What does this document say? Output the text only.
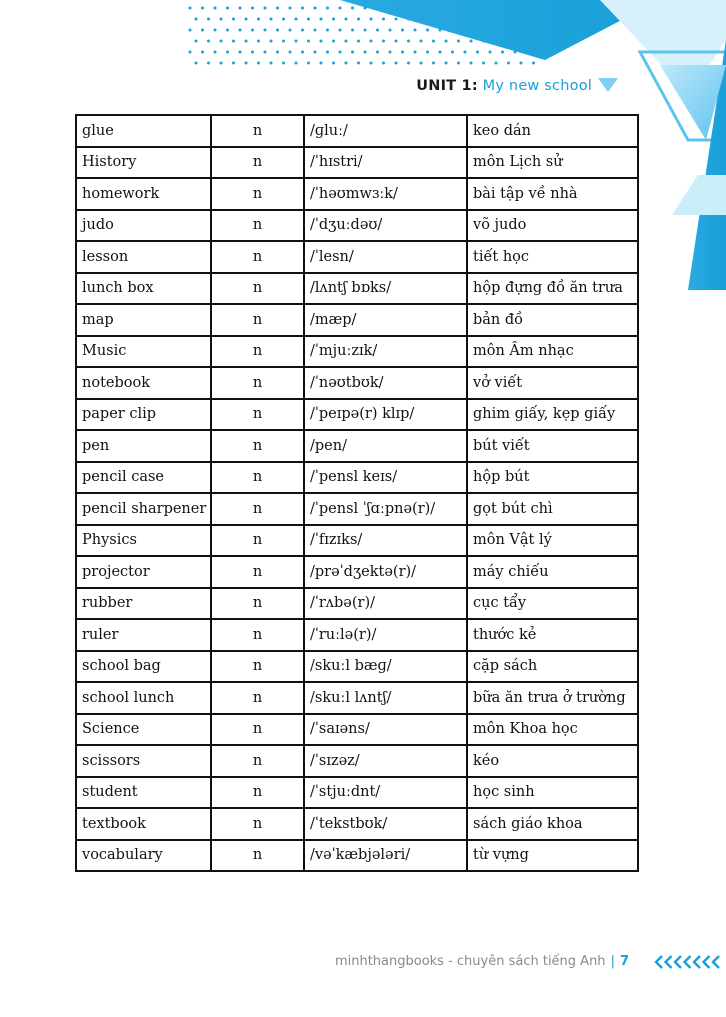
UNIT 1: My new school
glue	n	/ɡluː/	keo dán
History	n	/ˈhɪstri/	môn Lịch sử
homework	n	/ˈhəʊmwɜːk/	bài tập về nhà
judo	n	/ˈdʒuːdəʊ/	võ judo
lesson	n	/ˈlesn/	tiết học
lunch box	n	/lʌntʃ bɒks/	hộp đựng đồ ăn trưa
map	n	/mæp/	bản đồ
Music	n	/ˈmjuːzɪk/	môn Âm nhạc
notebook	n	/ˈnəʊtbʊk/	vở viết
paper clip	n	/ˈpeɪpə(r) klɪp/	ghim giấy, kẹp giấy
pen	n	/pen/	bút viết
pencil case	n	/ˈpensl keɪs/	hộp bút
pencil sharpener	n	/ˈpensl ˈʃɑːpnə(r)/	gọt bút chì
Physics	n	/ˈfɪzɪks/	môn Vật lý
projector	n	/prəˈdʒektə(r)/	máy chiếu
rubber	n	/ˈrʌbə(r)/	cục tẩy
ruler	n	/ˈruːlə(r)/	thước kẻ
school bag	n	/skuːl bæɡ/	cặp sách
school lunch	n	/skuːl lʌntʃ/	bữa ăn trưa ở trường
Science	n	/ˈsaɪəns/	môn Khoa học
scissors	n	/ˈsɪzəz/	kéo
student	n	/ˈstjuːdnt/	học sinh
textbook	n	/ˈtekstbʊk/	sách giáo khoa
vocabulary	n	/vəˈkæbjələri/	từ vựng
minhthangbooks - chuyên sách tiếng Anh | 7
